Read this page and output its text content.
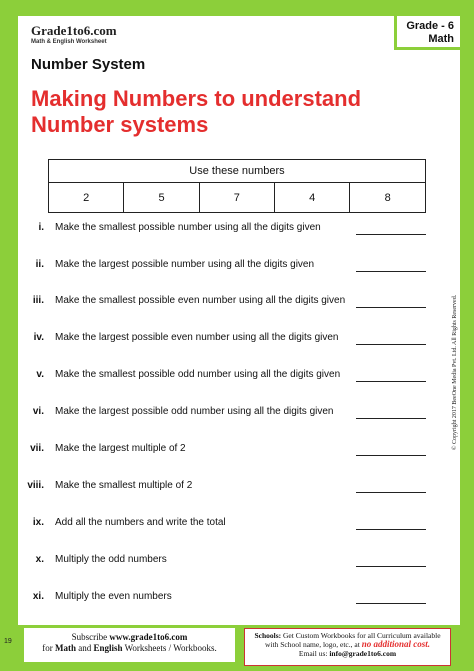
Grade1to6.com
Math & English Worksheet
Grade - 6
Math
Number System
Making Numbers to understand
Number systems
Use these numbers
2	5	7	4	8
i. Make the smallest possible number using all the digits given
ii. Make the largest possible number using all the digits given
iii. Make the smallest possible even number using all the digits given
iv. Make the largest possible even number using all the digits given
v. Make the smallest possible odd number using all the digits given
vi. Make the largest possible odd number using all the digits given
vii. Make the largest multiple of 2
viii. Make the smallest multiple of 2
ix. Add all the numbers and write the total
x. Multiply the odd numbers
xi. Multiply the even numbers
© Copyright 2017 BeeOne Media Pvt. Ltd. All Rights Reserved.
19	Subscribe www.grade1to6.com
for Math and English Worksheets / Workbooks.
Schools: Get Custom Workbooks for all Curriculum available
with School name, logo, etc., at no additional cost.
Email us: info@grade1to6.com
